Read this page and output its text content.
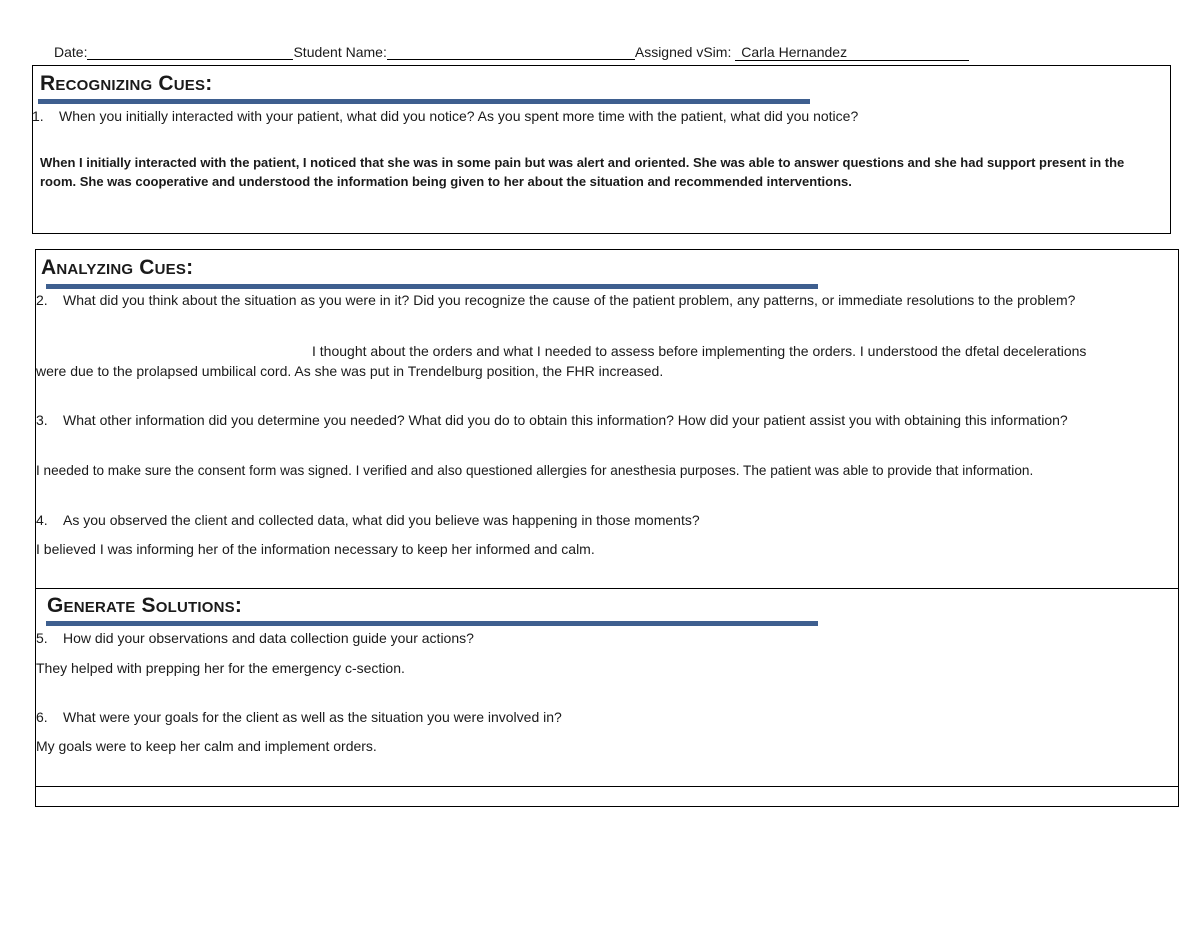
Date:	Student Name:	Assigned vSim: Carla Hernandez
Recognizing Cues:
1.	When you initially interacted with your patient, what did you notice? As you spent more time with the patient, what did you notice?
When I initially interacted with the patient, I noticed that she was in some pain but was alert and oriented. She was able to answer questions and she had support present in the room. She was cooperative and understood the information being given to her about the situation and recommended interventions.
Analyzing Cues:
2.	What did you think about the situation as you were in it? Did you recognize the cause of the patient problem, any patterns, or immediate resolutions to the problem?
I thought about the orders and what I needed to assess before implementing the orders. I understood the dfetal decelerations
were due to the prolapsed umbilical cord. As she was put in Trendelburg position, the FHR increased.
3.	What other information did you determine you needed? What did you do to obtain this information? How did your patient assist you with obtaining this information?
I needed to make sure the consent form was signed. I verified and also questioned allergies for anesthesia purposes. The patient was able to provide that information.
4.	As you observed the client and collected data, what did you believe was happening in those moments?
I believed I was informing her of the information necessary to keep her informed and calm.
Generate Solutions:
5.	How did your observations and data collection guide your actions?
They helped with prepping her for the emergency c-section.
6.	What were your goals for the client as well as the situation you were involved in?
My goals were to keep her calm and implement orders.
